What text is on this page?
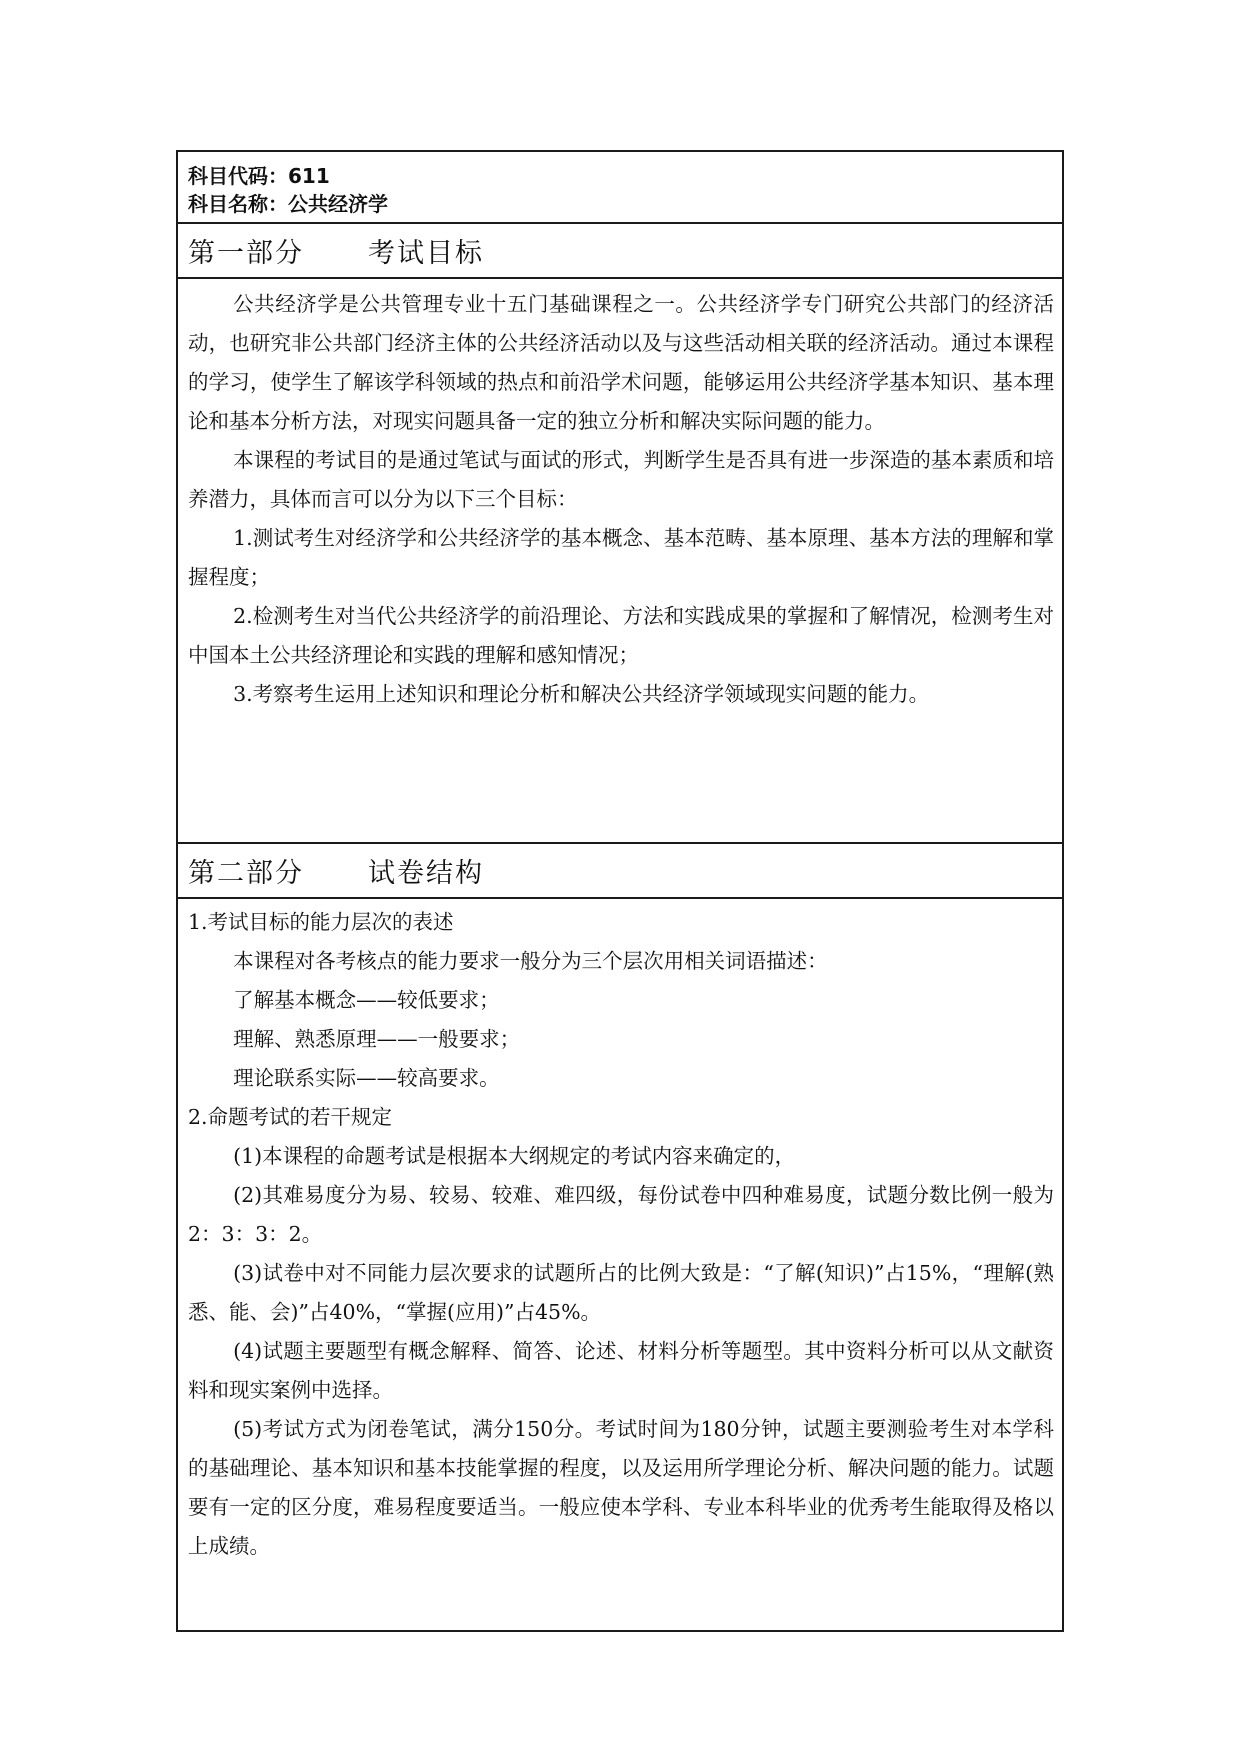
科目代码：611
科目名称：公共经济学
第一部分 考试目标

公共经济学是公共管理专业十五门基础课程之一。公共经济学专门研究公共部门的经济活动，也研究非公共部门经济主体的公共经济活动以及与这些活动相关联的经济活动。通过本课程的学习，使学生了解该学科领域的热点和前沿学术问题，能够运用公共经济学基本知识、基本理论和基本分析方法，对现实问题具备一定的独立分析和解决实际问题的能力。

本课程的考试目的是通过笔试与面试的形式，判断学生是否具有进一步深造的基本素质和培养潜力，具体而言可以分为以下三个目标：

1.测试考生对经济学和公共经济学的基本概念、基本范畴、基本原理、基本方法的理解和掌握程度；

2.检测考生对当代公共经济学的前沿理论、方法和实践成果的掌握和了解情况，检测考生对中国本土公共经济理论和实践的理解和感知情况；

3.考察考生运用上述知识和理论分析和解决公共经济学领域现实问题的能力。

第二部分 试卷结构

1.考试目标的能力层次的表述

本课程对各考核点的能力要求一般分为三个层次用相关词语描述：

了解基本概念——较低要求；

理解、熟悉原理——一般要求；

理论联系实际——较高要求。

2.命题考试的若干规定

(1)本课程的命题考试是根据本大纲规定的考试内容来确定的，

(2)其难易度分为易、较易、较难、难四级，每份试卷中四种难易度，试题分数比例一般为2：3：3：2。

(3)试卷中对不同能力层次要求的试题所占的比例大致是：“了解(知识)”占15%，“理解(熟悉、能、会)”占40%，“掌握(应用)”占45%。

(4)试题主要题型有概念解释、简答、论述、材料分析等题型。其中资料分析可以从文献资料和现实案例中选择。

(5)考试方式为闭卷笔试，满分150分。考试时间为180分钟，试题主要测验考生对本学科的基础理论、基本知识和基本技能掌握的程度，以及运用所学理论分析、解决问题的能力。试题要有一定的区分度，难易程度要适当。一般应使本学科、专业本科毕业的优秀考生能取得及格以上成绩。
